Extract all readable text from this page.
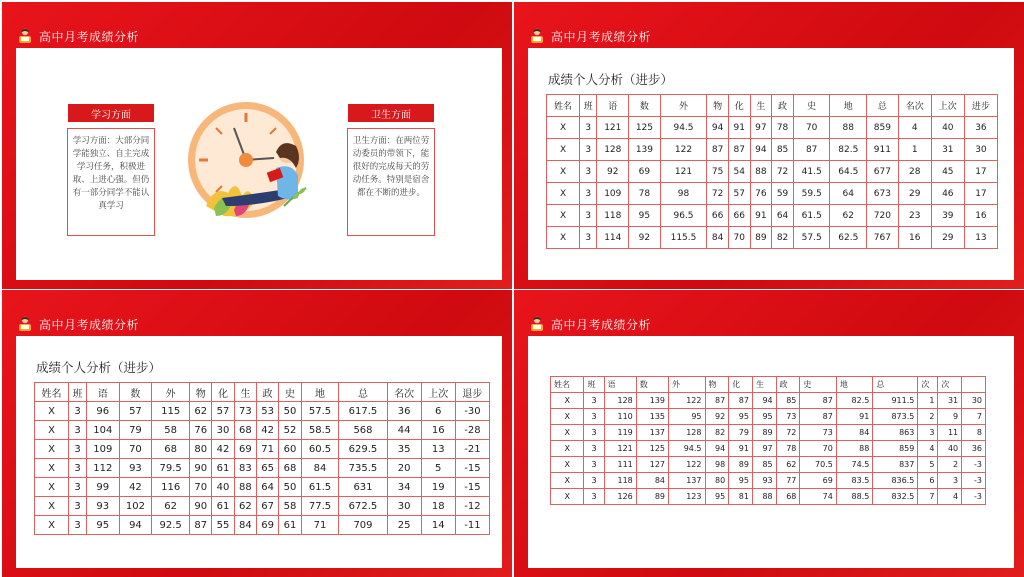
高中月考成绩分析
学习方面
学习方面：大部分同学能独立、自主完成学习任务，积极进取、上进心强。但仍有一部分同学不能认真学习
卫生方面
卫生方面：在两位劳动委员的带领下，能很好的完成每天的劳动任务。特别是宿舍都在不断的进步。
高中月考成绩分析
成绩个人分析（进步）
姓名	班	语	数	外	物	化	生	政	史	地	总	名次	上次	进步
X	3	121	125	94.5	94	91	97	78	70	88	859	4	40	36
X	3	128	139	122	87	87	94	85	87	82.5	911	1	31	30
X	3	92	69	121	75	54	88	72	41.5	64.5	677	28	45	17
X	3	109	78	98	72	57	76	59	59.5	64	673	29	46	17
X	3	118	95	96.5	66	66	91	64	61.5	62	720	23	39	16
X	3	114	92	115.5	84	70	89	82	57.5	62.5	767	16	29	13
高中月考成绩分析
成绩个人分析（进步）
姓名	班	语	数	外	物	化	生	政	史	地	总	名次	上次	退步
X	3	96	57	115	62	57	73	53	50	57.5	617.5	36	6	-30
X	3	104	79	58	76	30	68	42	52	58.5	568	44	16	-28
X	3	109	70	68	80	42	69	71	60	60.5	629.5	35	13	-21
X	3	112	93	79.5	90	61	83	65	68	84	735.5	20	5	-15
X	3	99	42	116	70	40	88	64	50	61.5	631	34	19	-15
X	3	93	102	62	90	61	62	67	58	77.5	672.5	30	18	-12
X	3	95	94	92.5	87	55	84	69	61	71	709	25	14	-11
高中月考成绩分析
姓名	班	语	数	外	物	化	生	政	史	地	总	次	次	
X	3	128	139	122	87	87	94	85	87	82.5	911.5	1	31	30
X	3	110	135	95	92	95	95	73	87	91	873.5	2	9	7
X	3	119	137	128	82	79	89	72	73	84	863	3	11	8
X	3	121	125	94.5	94	91	97	78	70	88	859	4	40	36
X	3	111	127	122	98	89	85	62	70.5	74.5	837	5	2	-3
X	3	118	84	137	80	95	93	77	69	83.5	836.5	6	3	-3
X	3	126	89	123	95	81	88	68	74	88.5	832.5	7	4	-3
